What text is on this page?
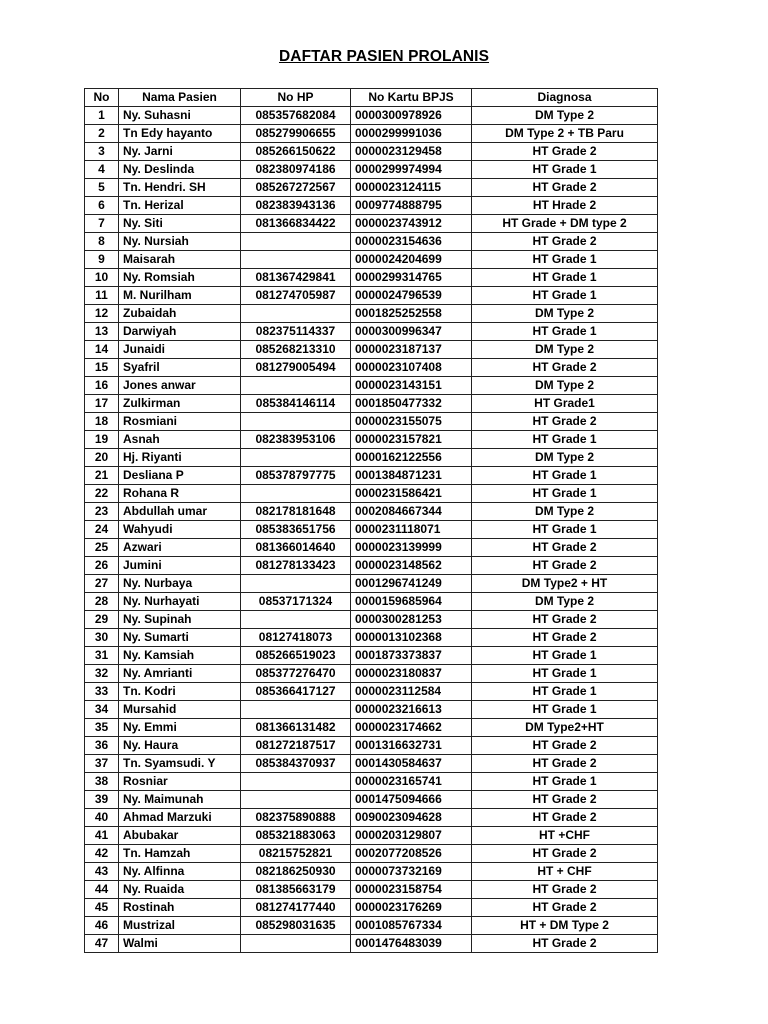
DAFTAR PASIEN PROLANIS
No	Nama Pasien	No HP	No Kartu BPJS	Diagnosa
1	Ny. Suhasni	085357682084	0000300978926	DM Type 2
2	Tn Edy hayanto	085279906655	0000299991036	DM Type 2 + TB Paru
3	Ny. Jarni	085266150622	0000023129458	HT Grade 2
4	Ny. Deslinda	082380974186	0000299974994	HT Grade 1
5	Tn. Hendri. SH	085267272567	0000023124115	HT Grade 2
6	Tn. Herizal	082383943136	0009774888795	HT Hrade 2
7	Ny. Siti	081366834422	0000023743912	HT Grade + DM type 2
8	Ny. Nursiah		0000023154636	HT Grade 2
9	Maisarah		0000024204699	HT Grade 1
10	Ny. Romsiah	081367429841	0000299314765	HT Grade 1
11	M. Nurilham	081274705987	0000024796539	HT Grade 1
12	Zubaidah		0001825252558	DM Type 2
13	Darwiyah	082375114337	0000300996347	HT Grade 1
14	Junaidi	085268213310	0000023187137	DM Type 2
15	Syafril	081279005494	0000023107408	HT Grade 2
16	Jones anwar		0000023143151	DM Type 2
17	Zulkirman	085384146114	0001850477332	HT Grade1
18	Rosmiani		0000023155075	HT Grade 2
19	Asnah	082383953106	0000023157821	HT Grade 1
20	Hj. Riyanti		0000162122556	DM Type 2
21	Desliana P	085378797775	0001384871231	HT Grade 1
22	Rohana R		0000231586421	HT Grade 1
23	Abdullah umar	082178181648	0002084667344	DM Type 2
24	Wahyudi	085383651756	0000231118071	HT Grade 1
25	Azwari	081366014640	0000023139999	HT Grade 2
26	Jumini	081278133423	0000023148562	HT Grade 2
27	Ny. Nurbaya		0001296741249	DM Type2 + HT
28	Ny. Nurhayati	08537171324	0000159685964	DM Type 2
29	Ny. Supinah		0000300281253	HT Grade 2
30	Ny. Sumarti	08127418073	0000013102368	HT Grade 2
31	Ny. Kamsiah	085266519023	0001873373837	HT Grade 1
32	Ny. Amrianti	085377276470	0000023180837	HT Grade 1
33	Tn. Kodri	085366417127	0000023112584	HT Grade 1
34	Mursahid		0000023216613	HT Grade 1
35	Ny. Emmi	081366131482	0000023174662	DM Type2+HT
36	Ny. Haura	081272187517	0001316632731	HT Grade 2
37	Tn. Syamsudi. Y	085384370937	0001430584637	HT Grade 2
38	Rosniar		0000023165741	HT Grade 1
39	Ny. Maimunah		0001475094666	HT Grade 2
40	Ahmad Marzuki	082375890888	0090023094628	HT Grade 2
41	Abubakar	085321883063	0000203129807	HT +CHF
42	Tn. Hamzah	08215752821	0002077208526	HT Grade 2
43	Ny. Alfinna	082186250930	0000073732169	HT + CHF
44	Ny. Ruaida	081385663179	0000023158754	HT Grade 2
45	Rostinah	081274177440	0000023176269	HT Grade 2
46	Mustrizal	085298031635	0001085767334	HT + DM Type 2
47	Walmi		0001476483039	HT Grade 2
